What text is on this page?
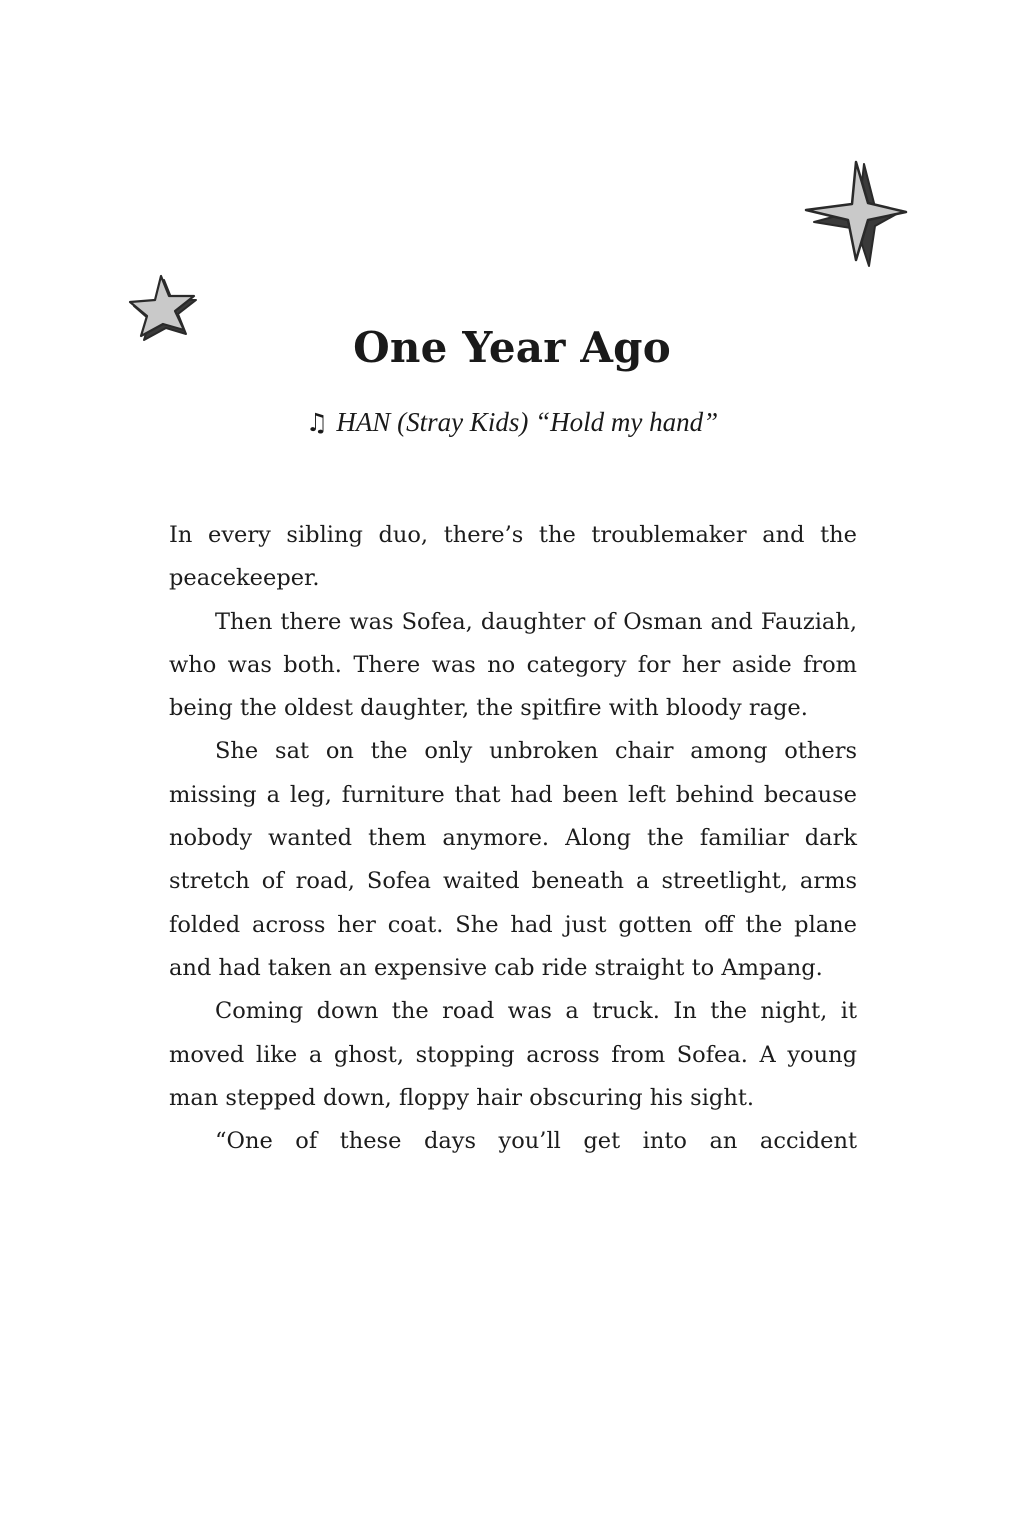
One Year Ago
♫ HAN (Stray Kids) “Hold my hand”

In every sibling duo, there’s the troublemaker and the peacekeeper.

Then there was Sofea, daughter of Osman and Fauziah, who was both. There was no category for her aside from being the oldest daughter, the spitfire with bloody rage.

She sat on the only unbroken chair among others missing a leg, furniture that had been left behind because nobody wanted them anymore. Along the familiar dark stretch of road, Sofea waited beneath a streetlight, arms folded across her coat. She had just gotten off the plane and had taken an expensive cab ride straight to Ampang.

Coming down the road was a truck. In the night, it moved like a ghost, stopping across from Sofea. A young man stepped down, floppy hair obscuring his sight.

“One of these days you’ll get into an accident
